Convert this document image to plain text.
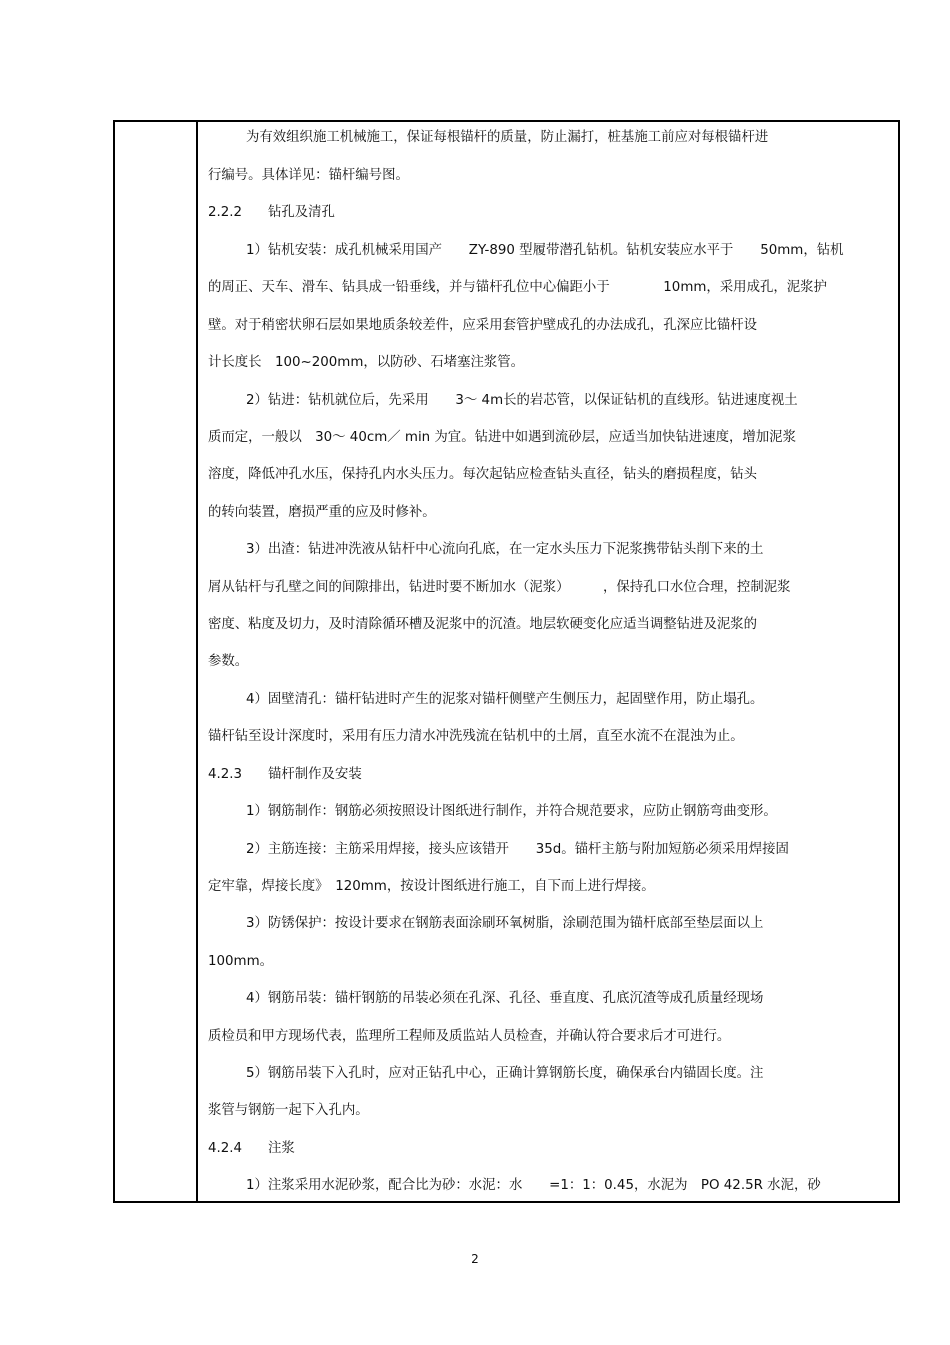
为有效组织施工机械施工，保证每根锚杆的质量，防止漏打，桩基施工前应对每根锚杆进
行编号。具体详见：锚杆编号图。
2.2.2 钻孔及清孔
1）钻机安装：成孔机械采用国产　　ZY-890 型履带潜孔钻机。钻机安装应水平于　　50mm，钻机
的周正、天车、滑车、钻具成一铅垂线，并与锚杆孔位中心偏距小于　　　　10mm，采用成孔，泥浆护
壁。对于稍密状卵石层如果地质条较差件，应采用套管护壁成孔的办法成孔，孔深应比锚杆设
计长度长　100~200mm，以防砂、石堵塞注浆管。
2）钻进：钻机就位后，先采用　　3～ 4m长的岩芯管，以保证钻机的直线形。钻进速度视土
质而定，一般以　30～ 40cm／ min 为宜。钻进中如遇到流砂层，应适当加快钻进速度，增加泥浆
溶度，降低冲孔水压，保持孔内水头压力。每次起钻应检查钻头直径，钻头的磨损程度，钻头
的转向装置，磨损严重的应及时修补。
3）出渣：钻进冲洗液从钻杆中心流向孔底，在一定水头压力下泥浆携带钻头削下来的土
屑从钻杆与孔壁之间的间隙排出，钻进时要不断加水（泥浆）　　　，保持孔口水位合理，控制泥浆
密度、粘度及切力，及时清除循环槽及泥浆中的沉渣。地层软硬变化应适当调整钻进及泥浆的
参数。
4）固壁清孔：锚杆钻进时产生的泥浆对锚杆侧壁产生侧压力，起固壁作用，防止塌孔。
锚杆钻至设计深度时，采用有压力清水冲洗残流在钻机中的土屑，直至水流不在混浊为止。
4.2.3 锚杆制作及安装
1）钢筋制作：钢筋必须按照设计图纸进行制作，并符合规范要求，应防止钢筋弯曲变形。
2）主筋连接：主筋采用焊接，接头应该错开　　35d。锚杆主筋与附加短筋必须采用焊接固
定牢靠，焊接长度》　120mm，按设计图纸进行施工，自下而上进行焊接。
3）防锈保护：按设计要求在钢筋表面涂刷环氧树脂，涂刷范围为锚杆底部至垫层面以上
100mm。
4）钢筋吊装：锚杆钢筋的吊装必须在孔深、孔径、垂直度、孔底沉渣等成孔质量经现场
质检员和甲方现场代表，监理所工程师及质监站人员检查，并确认符合要求后才可进行。
5）钢筋吊装下入孔时，应对正钻孔中心，正确计算钢筋长度，确保承台内锚固长度。注
浆管与钢筋一起下入孔内。
4.2.4 注浆
1）注浆采用水泥砂浆，配合比为砂：水泥：水　　=1：1：0.45，水泥为　PO 42.5R 水泥，砂
2
